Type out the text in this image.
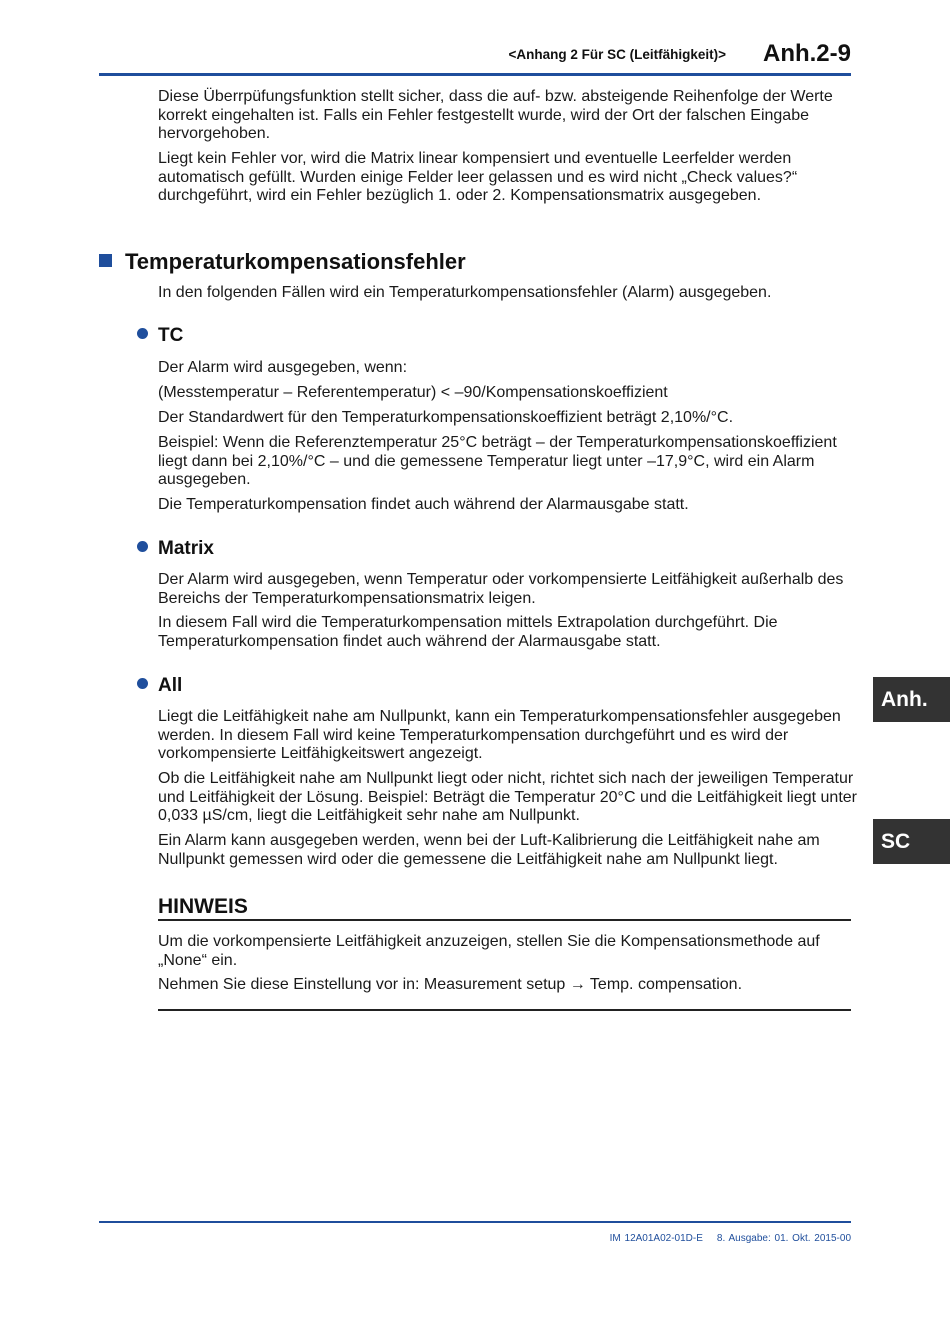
<Anhang 2 Für SC (Leitfähigkeit)> Anh.2-9

Diese Überrpüfungsfunktion stellt sicher, dass die auf- bzw. absteigende Reihenfolge der Werte korrekt eingehalten ist. Falls ein Fehler festgestellt wurde, wird der Ort der falschen Eingabe hervorgehoben.

Liegt kein Fehler vor, wird die Matrix linear kompensiert und eventuelle Leerfelder werden automatisch gefüllt. Wurden einige Felder leer gelassen und es wird nicht „Check values?“ durchgeführt, wird ein Fehler bezüglich 1. oder 2. Kompensationsmatrix ausgegeben.

Temperaturkompensationsfehler

In den folgenden Fällen wird ein Temperaturkompensationsfehler (Alarm) ausgegeben.

TC

Der Alarm wird ausgegeben, wenn:

(Messtemperatur – Referentemperatur) < –90/Kompensationskoeffizient

Der Standardwert für den Temperaturkompensationskoeffizient beträgt 2,10%/°C.

Beispiel: Wenn die Referenztemperatur 25°C beträgt – der Temperaturkompensationskoeffizient liegt dann bei 2,10%/°C – und die gemessene Temperatur liegt unter –17,9°C, wird ein Alarm ausgegeben.

Die Temperaturkompensation findet auch während der Alarmausgabe statt.

Matrix

Der Alarm wird ausgegeben, wenn Temperatur oder vorkompensierte Leitfähigkeit außerhalb des Bereichs der Temperaturkompensationsmatrix leigen.

In diesem Fall wird die Temperaturkompensation mittels Extrapolation durchgeführt. Die Temperaturkompensation findet auch während der Alarmausgabe statt.

All

Liegt die Leitfähigkeit nahe am Nullpunkt, kann ein Temperaturkompensationsfehler ausgegeben werden. In diesem Fall wird keine Temperaturkompensation durchgeführt und es wird der vorkompensierte Leitfähigkeitswert angezeigt.

Ob die Leitfähigkeit nahe am Nullpunkt liegt oder nicht, richtet sich nach der jeweiligen Temperatur und Leitfähigkeit der Lösung. Beispiel: Beträgt die Temperatur 20°C und die Leitfähigkeit liegt unter 0,033 µS/cm, liegt die Leitfähigkeit sehr nahe am Nullpunkt.

Ein Alarm kann ausgegeben werden, wenn bei der Luft-Kalibrierung die Leitfähigkeit nahe am Nullpunkt gemessen wird oder die gemessene die Leitfähigkeit nahe am Nullpunkt liegt.

HINWEIS

Um die vorkompensierte Leitfähigkeit anzuzeigen, stellen Sie die Kompensationsmethode auf „None“ ein.

Nehmen Sie diese Einstellung vor in: Measurement setup → Temp. compensation.

Anh.
SC
IM 12A01A02-01D-E 8. Ausgabe: 01. Okt. 2015-00
